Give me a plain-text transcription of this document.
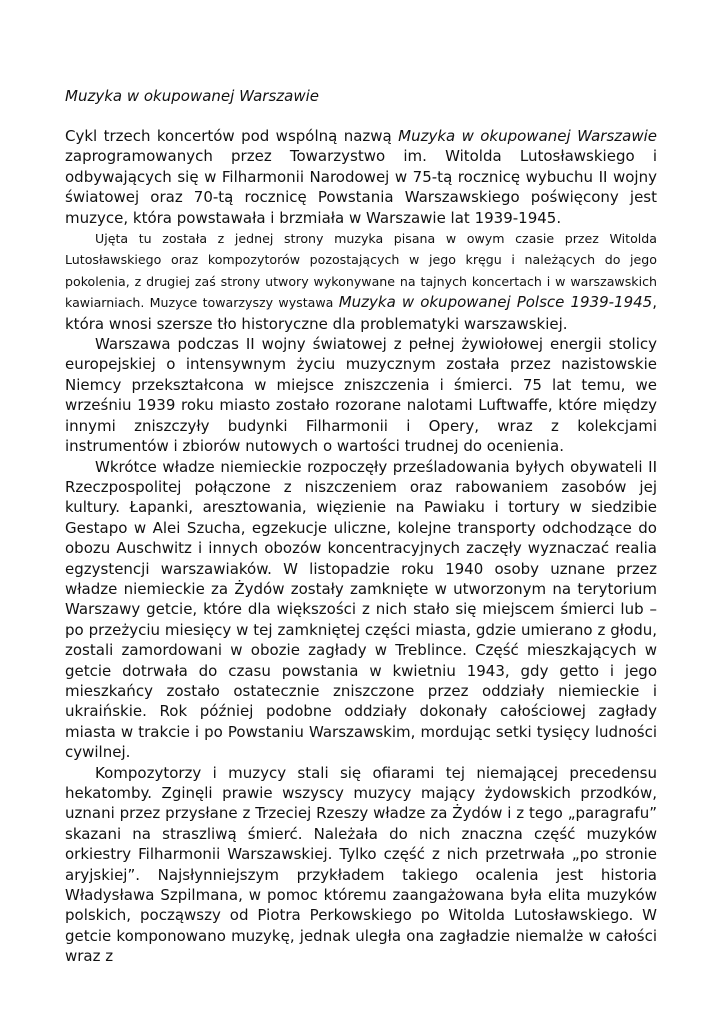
Muzyka w okupowanej Warszawie

Cykl trzech koncertów pod wspólną nazwą Muzyka w okupowanej Warszawie zaprogramowanych przez Towarzystwo im. Witolda Lutosławskiego i odbywających się w Filharmonii Narodowej w 75-tą rocznicę wybuchu II wojny światowej oraz 70-tą rocznicę Powstania Warszawskiego poświęcony jest muzyce, która powstawała i brzmiała w Warszawie lat 1939-1945.

Ujęta tu została z jednej strony muzyka pisana w owym czasie przez Witolda Lutosławskiego oraz kompozytorów pozostających w jego kręgu i należących do jego pokolenia, z drugiej zaś strony utwory wykonywane na tajnych koncertach i w warszawskich kawiarniach. Muzyce towarzyszy wystawa Muzyka w okupowanej Polsce 1939-1945, która wnosi szersze tło historyczne dla problematyki warszawskiej.

Warszawa podczas II wojny światowej z pełnej żywiołowej energii stolicy europejskiej o intensywnym życiu muzycznym została przez nazistowskie Niemcy przekształcona w miejsce zniszczenia i śmierci. 75 lat temu, we wrześniu 1939 roku miasto zostało rozorane nalotami Luftwaffe, które między innymi zniszczyły budynki Filharmonii i Opery, wraz z kolekcjami instrumentów i zbiorów nutowych o wartości trudnej do ocenienia.

Wkrótce władze niemieckie rozpoczęły prześladowania byłych obywateli II Rzeczpospolitej połączone z niszczeniem oraz rabowaniem zasobów jej kultury. Łapanki, aresztowania, więzienie na Pawiaku i tortury w siedzibie Gestapo w Alei Szucha, egzekucje uliczne, kolejne transporty odchodzące do obozu Auschwitz i innych obozów koncentracyjnych zaczęły wyznaczać realia egzystencji warszawiaków. W listopadzie roku 1940 osoby uznane przez władze niemieckie za Żydów zostały zamknięte w utworzonym na terytorium Warszawy getcie, które dla większości z nich stało się miejscem śmierci lub – po przeżyciu miesięcy w tej zamkniętej części miasta, gdzie umierano z głodu, zostali zamordowani w obozie zagłady w Treblince. Część mieszkających w getcie dotrwała do czasu powstania w kwietniu 1943, gdy getto i jego mieszkańcy zostało ostatecznie zniszczone przez oddziały niemieckie i ukraińskie. Rok później podobne oddziały dokonały całościowej zagłady miasta w trakcie i po Powstaniu Warszawskim, mordując setki tysięcy ludności cywilnej.

Kompozytorzy i muzycy stali się ofiarami tej niemającej precedensu hekatomby. Zginęli prawie wszyscy muzycy mający żydowskich przodków, uznani przez przysłane z Trzeciej Rzeszy władze za Żydów i z tego „paragrafu” skazani na straszliwą śmierć. Należała do nich znaczna część muzyków orkiestry Filharmonii Warszawskiej. Tylko część z nich przetrwała „po stronie aryjskiej”. Najsłynniejszym przykładem takiego ocalenia jest historia Władysława Szpilmana, w pomoc któremu zaangażowana była elita muzyków polskich, począwszy od Piotra Perkowskiego po Witolda Lutosławskiego. W getcie komponowano muzykę, jednak uległa ona zagładzie niemalże w całości wraz z
